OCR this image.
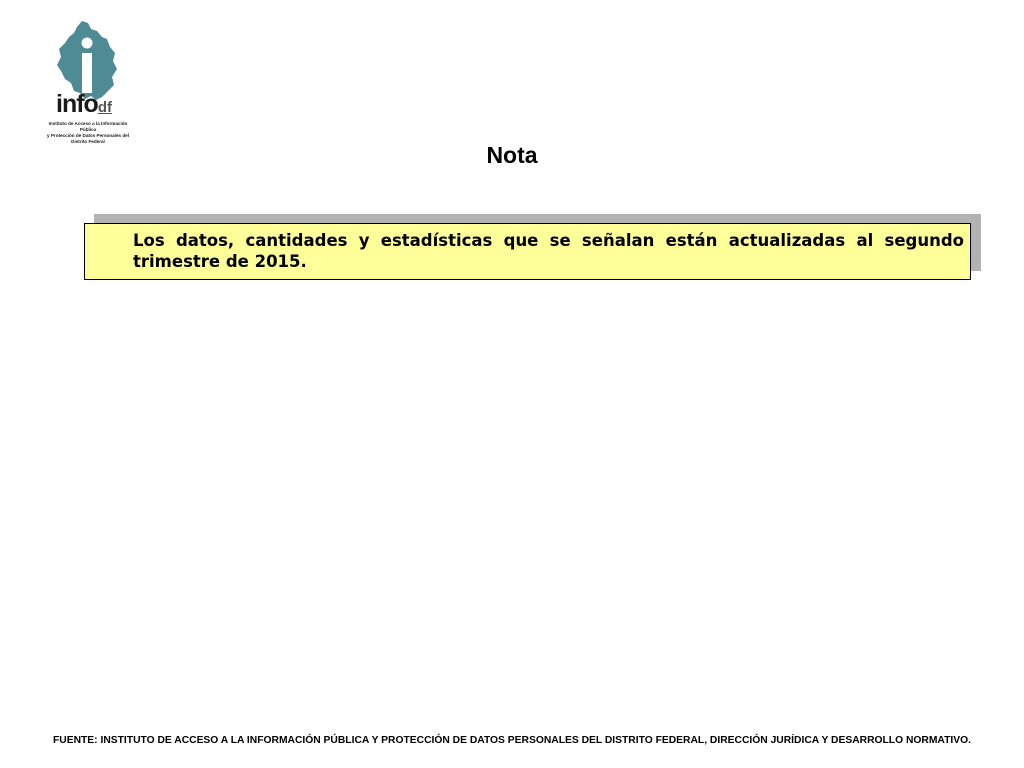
infodf
Instituto de Acceso a la Información Pública
y Protección de Datos Personales del Distrito Federal
Nota
Los datos, cantidades y estadísticas que se señalan están actualizadas al segundo trimestre de 2015.
FUENTE: INSTITUTO DE ACCESO A LA INFORMACIÓN PÚBLICA Y PROTECCIÓN DE DATOS PERSONALES DEL DISTRITO FEDERAL, DIRECCIÓN JURÍDICA Y DESARROLLO NORMATIVO.
